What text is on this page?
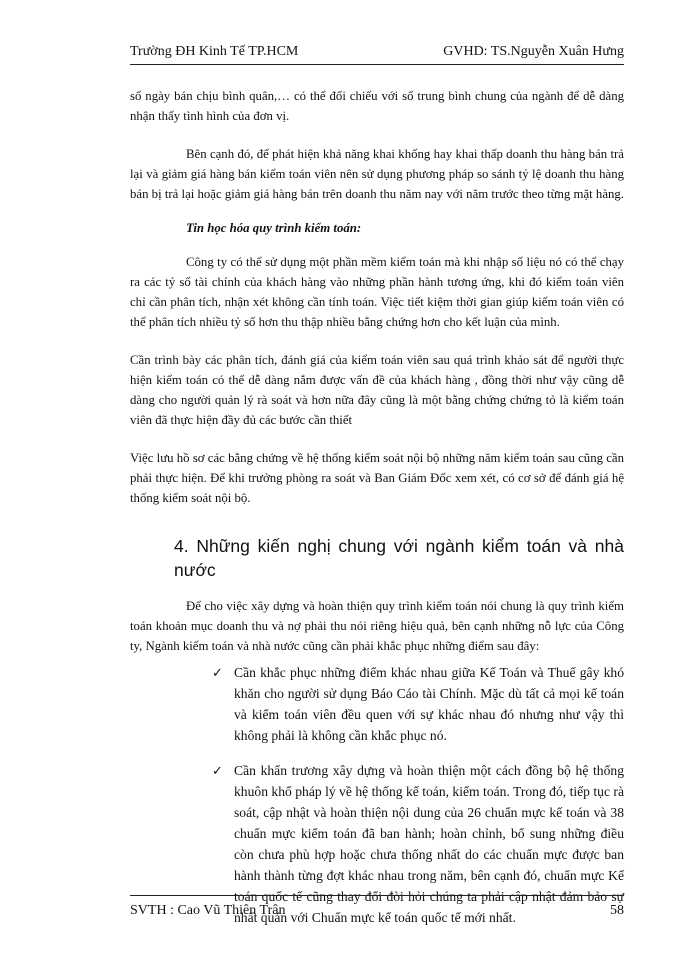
Trường ĐH Kinh Tế TP.HCM	GVHD: TS.Nguyễn Xuân Hưng

số ngày bán chịu bình quân,… có thể đối chiếu với số trung bình chung của ngành để dễ dàng nhận thấy tình hình của đơn vị.

Bên cạnh đó, để phát hiện khả năng khai khống hay khai thấp doanh thu hàng bán trả lại và giảm giá hàng bán kiểm toán viên nên sử dụng phương pháp so sánh tỷ lệ doanh thu hàng bán bị trả lại hoặc giảm giá hàng bán trên doanh thu năm nay với năm trước theo từng mặt hàng.

Tin học hóa quy trình kiểm toán:

Công ty có thể sử dụng một phần mềm kiểm toán mà khi nhập số liệu nó có thể chạy ra các tỷ số tài chính của khách hàng vào những phần hành tương ứng, khi đó kiểm toán viên chỉ cần phân tích, nhận xét không cần tính toán. Việc tiết kiệm thời gian giúp kiểm toán viên có thể phân tích nhiều tỷ số hơn thu thập nhiều bằng chứng hơn cho kết luận của mình.

Cần trình bày các phân tích, đánh giá của kiểm toán viên sau quá trình khảo sát để người thực hiện kiểm toán có thể dễ dàng nắm được vấn đề của khách hàng , đồng thời như vậy cũng dễ dàng cho người quản lý rà soát và hơn nữa đây cũng là một bằng chứng chứng tỏ là kiểm toán viên đã thực hiện đầy đủ các bước cần thiết

Việc lưu hồ sơ các bằng chứng về hệ thống kiểm soát nội bộ những năm kiểm toán sau cũng cần phải thực hiện. Để khi trưởng phòng ra soát và Ban Giám Đốc xem xét, có cơ sở để đánh giá hệ thống kiểm soát nội bộ.

4. Những kiến nghị chung với ngành kiểm toán và nhà nước

Để cho việc xây dựng và hoàn thiện quy trình kiểm toán nói chung là quy trình kiểm toán khoản mục doanh thu và nợ phải thu nói riêng hiệu quả, bên cạnh những nỗ lực của Công ty, Ngành kiểm toán và nhà nước cũng cần phải khắc phục những điểm sau đây:

✓ Cần khắc phục những điểm khác nhau giữa Kế Toán và Thuế gây khó khăn cho người sử dụng Báo Cáo tài Chính. Mặc dù tất cả mọi kế toán và kiểm toán viên đều quen với sự khác nhau đó nhưng như vậy thì không phải là không cần khắc phục nó.
✓ Cần khẩn trương xây dựng và hoàn thiện một cách đồng bộ hệ thống khuôn khổ pháp lý về hệ thống kế toán, kiểm toán. Trong đó, tiếp tục rà soát, cập nhật và hoàn thiện nội dung của 26 chuẩn mực kế toán và 38 chuẩn mực kiểm toán đã ban hành; hoàn chỉnh, bổ sung những điều còn chưa phù hợp hoặc chưa thống nhất do các chuẩn mực được ban hành thành từng đợt khác nhau trong năm, bên cạnh đó, chuẩn mực Kế toán quốc tế cũng thay đổi đòi hỏi chúng ta phải cập nhật đảm bảo sự nhất quán với Chuẩn mực kế toán quốc tế mới nhất.
SVTH : Cao Vũ Thiên Trân	58
